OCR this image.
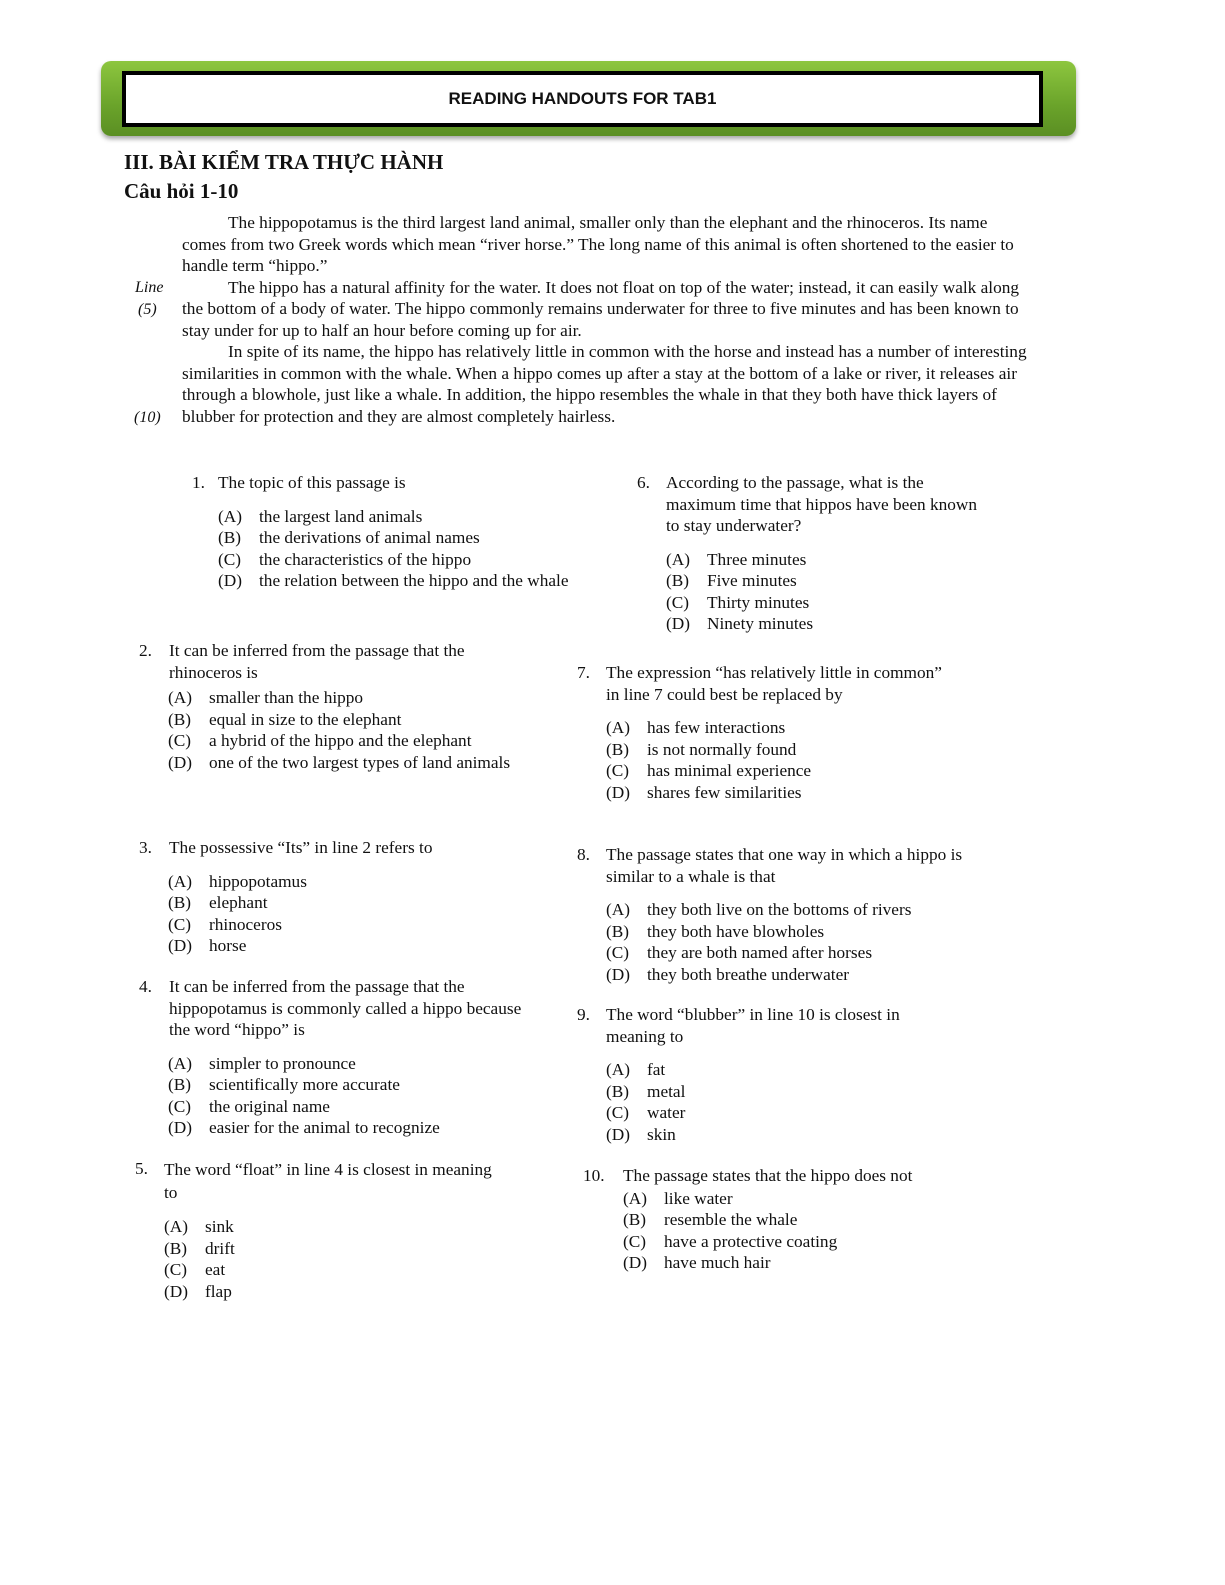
READING HANDOUTS FOR TAB1
III. BÀI KIỂM TRA THỰC HÀNH
Câu hỏi 1-10
Line
(5)
(10)

The hippopotamus is the third largest land animal, smaller only than the elephant and the rhinoceros. Its name comes from two Greek words which mean “river horse.” The long name of this animal is often shortened to the easier to handle term “hippo.”

The hippo has a natural affinity for the water. It does not float on top of the water; instead, it can easily walk along the bottom of a body of water. The hippo commonly remains underwater for three to five minutes and has been known to stay under for up to half an hour before coming up for air.

In spite of its name, the hippo has relatively little in common with the horse and instead has a number of interesting similarities in common with the whale. When a hippo comes up after a stay at the bottom of a lake or river, it releases air through a blowhole, just like a whale. In addition, the hippo resembles the whale in that they both have thick layers of blubber for protection and they are almost completely hairless.

1. The topic of this passage is
(A) the largest land animals
(B)	the derivations of animal names
(C)	the characteristics of the hippo
(D) the relation between the hippo and the whale
2. It can be inferred from the passage that the rhinoceros is
(A) smaller than the hippo
(B)	equal in size to the elephant
(C)	a hybrid of the hippo and the elephant
(D) one of the two largest types of land animals
3. The possessive “Its” in line 2 refers to
(A) hippopotamus
(B)	elephant
(C)	rhinoceros
(D) horse
4. It can be inferred from the passage that the hippopotamus is commonly called a hippo because the word “hippo” is
(A) simpler to pronounce
(B)	scientifically more accurate
(C)	the original name
(D) easier for the animal to recognize
5. The word “float” in line 4 is closest in meaning to
(A) sink
(B)	drift
(C)	eat
(D) flap
6. According to the passage, what is the maximum time that hippos have been known to stay underwater?
(A) Three minutes
(B)	Five minutes
(C)	Thirty minutes
(D) Ninety minutes
7. The expression “has relatively little in common” in line 7 could best be replaced by
(A) has few interactions
(B)	is not normally found
(C)	has minimal experience
(D) shares few similarities
8. The passage states that one way in which a hippo is similar to a whale is that
(A) they both live on the bottoms of rivers
(B)	they both have blowholes
(C)	they are both named after horses
(D) they both breathe underwater
9. The word “blubber” in line 10 is closest in meaning to
(A) fat
(B)	metal
(C)	water
(D) skin
10.	The passage states that the hippo does not
(A) like water
(B)	resemble the whale
(C)	have a protective coating
(D) have much hair
